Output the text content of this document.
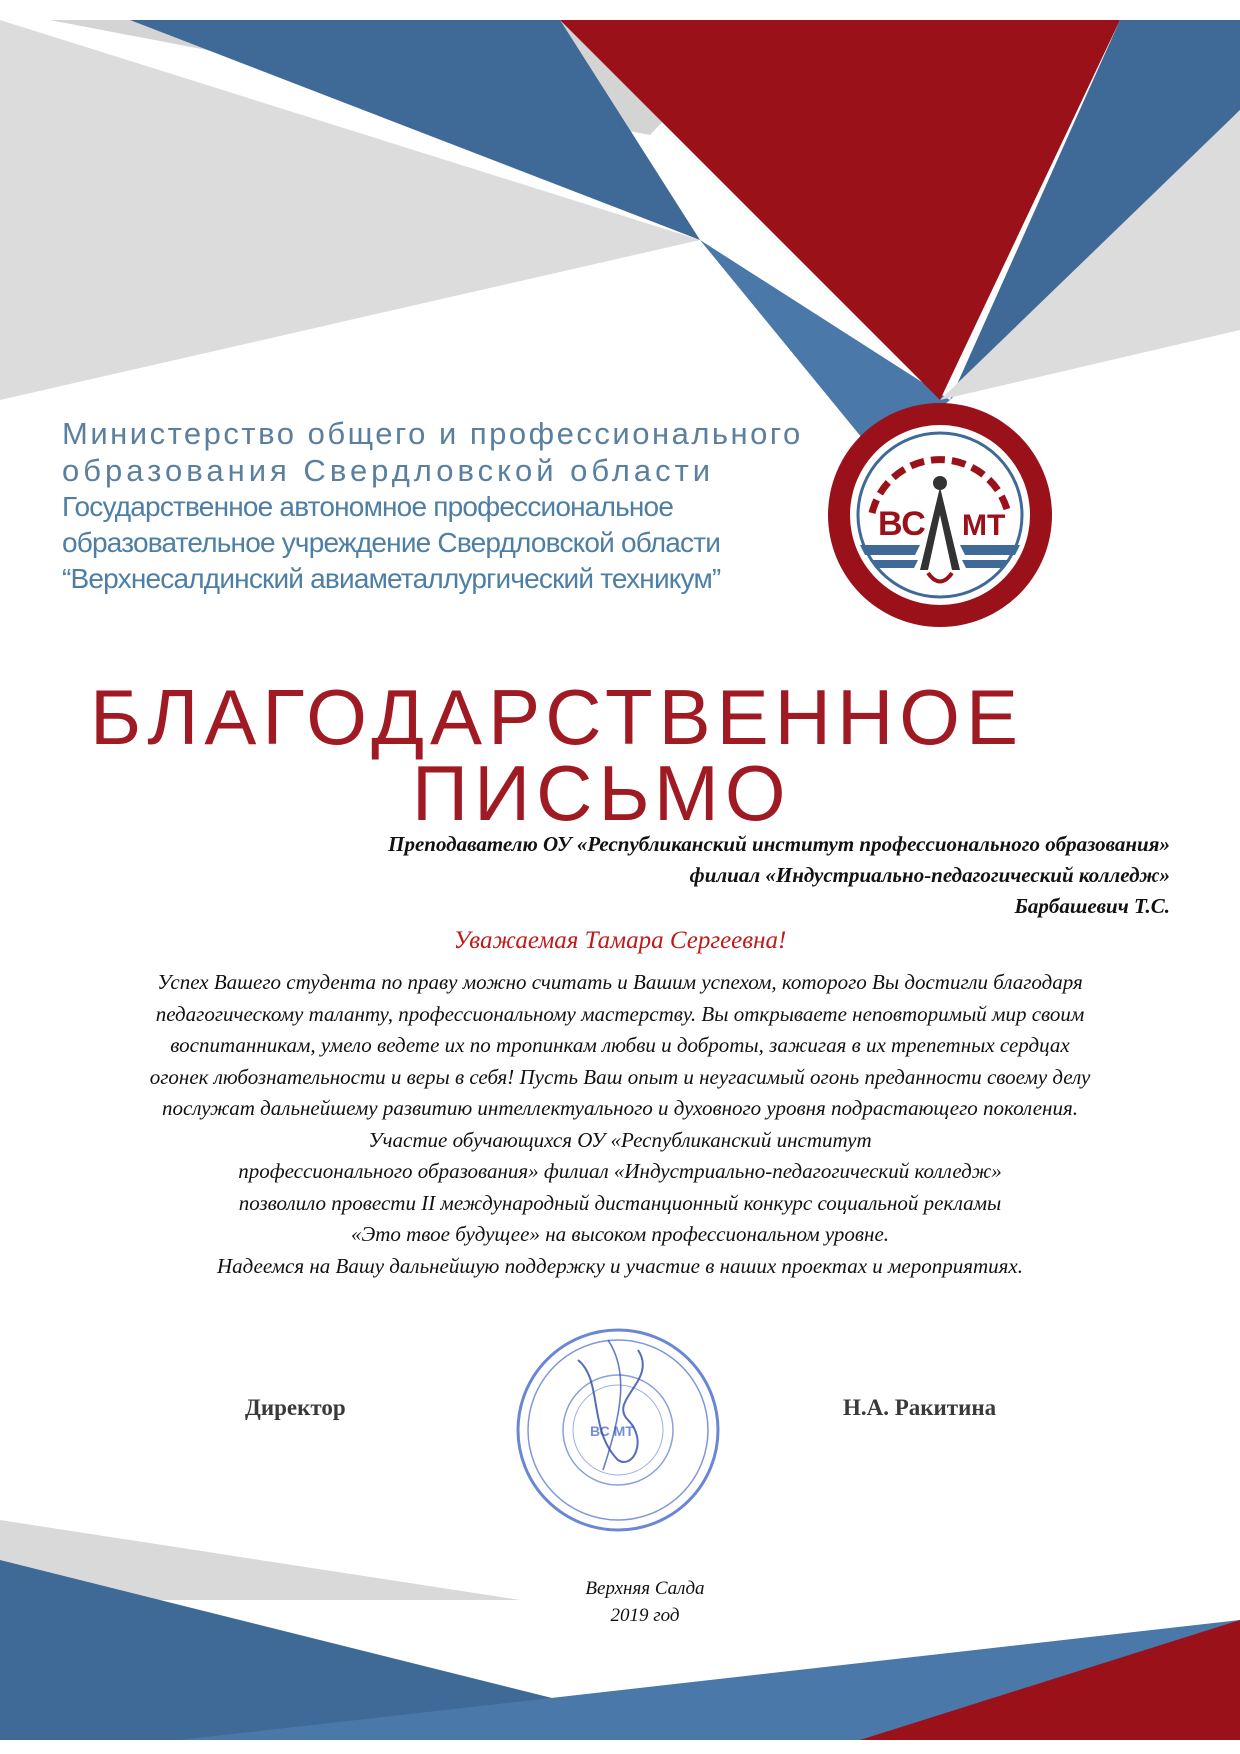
Министерство общего и профессионального
образования Свердловской области
Государственное автономное профессиональное
образовательное учреждение Свердловской области
“Верхнесалдинский авиаметаллургический техникум”
ВС МТ
БЛАГОДАРСТВЕННОЕ
ПИСЬМО
Преподавателю ОУ «Республиканский институт профессионального образования»
филиал «Индустриально-педагогический колледж»
Барбашевич Т.С.
Уважаемая Тамара Сергеевна!
Успех Вашего студента по праву можно считать и Вашим успехом, которого Вы достигли благодаря
педагогическому таланту, профессиональному мастерству. Вы открываете неповторимый мир своим
воспитанникам, умело ведете их по тропинкам любви и доброты, зажигая в их трепетных сердцах
огонек любознательности и веры в себя! Пусть Ваш опыт и неугасимый огонь преданности своему делу
послужат дальнейшему развитию интеллектуального и духовного уровня подрастающего поколения.
Участие обучающихся ОУ «Республиканский институт
профессионального образования» филиал «Индустриально-педагогический колледж»
позволило провести II международный дистанционный конкурс социальной рекламы
«Это твое будущее» на высоком профессиональном уровне.
Надеемся на Вашу дальнейшую поддержку и участие в наших проектах и мероприятиях.
ВС МТ
Директор	Н.А. Ракитина
Верхняя Салда
2019 год
